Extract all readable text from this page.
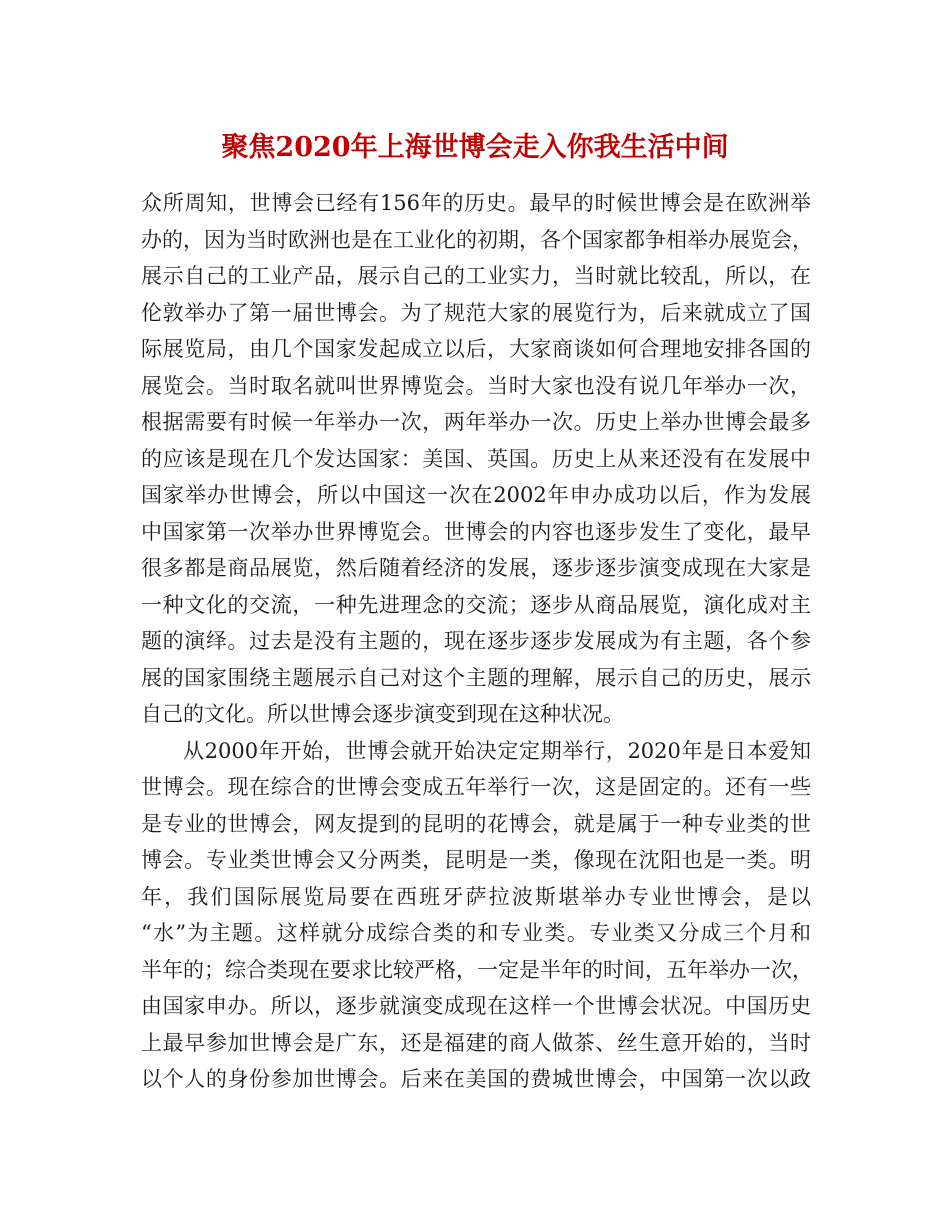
聚焦2020年上海世博会走入你我生活中间
众所周知，世博会已经有156年的历史。最早的时候世博会是在欧洲举
办的，因为当时欧洲也是在工业化的初期，各个国家都争相举办展览会，
展示自己的工业产品，展示自己的工业实力，当时就比较乱，所以，在
伦敦举办了第一届世博会。为了规范大家的展览行为，后来就成立了国
际展览局，由几个国家发起成立以后，大家商谈如何合理地安排各国的
展览会。当时取名就叫世界博览会。当时大家也没有说几年举办一次，
根据需要有时候一年举办一次，两年举办一次。历史上举办世博会最多
的应该是现在几个发达国家：美国、英国。历史上从来还没有在发展中
国家举办世博会，所以中国这一次在2002年申办成功以后，作为发展
中国家第一次举办世界博览会。世博会的内容也逐步发生了变化，最早
很多都是商品展览，然后随着经济的发展，逐步逐步演变成现在大家是
一种文化的交流，一种先进理念的交流；逐步从商品展览，演化成对主
题的演绎。过去是没有主题的，现在逐步逐步发展成为有主题，各个参
展的国家围绕主题展示自己对这个主题的理解，展示自己的历史，展示
自己的文化。所以世博会逐步演变到现在这种状况。
从2000年开始，世博会就开始决定定期举行，2020年是日本爱知
世博会。现在综合的世博会变成五年举行一次，这是固定的。还有一些
是专业的世博会，网友提到的昆明的花博会，就是属于一种专业类的世
博会。专业类世博会又分两类，昆明是一类，像现在沈阳也是一类。明
年，我们国际展览局要在西班牙萨拉波斯堪举办专业世博会，是以
“水”为主题。这样就分成综合类的和专业类。专业类又分成三个月和
半年的；综合类现在要求比较严格，一定是半年的时间，五年举办一次，
由国家申办。所以，逐步就演变成现在这样一个世博会状况。中国历史
上最早参加世博会是广东，还是福建的商人做茶、丝生意开始的，当时
以个人的身份参加世博会。后来在美国的费城世博会，中国第一次以政
